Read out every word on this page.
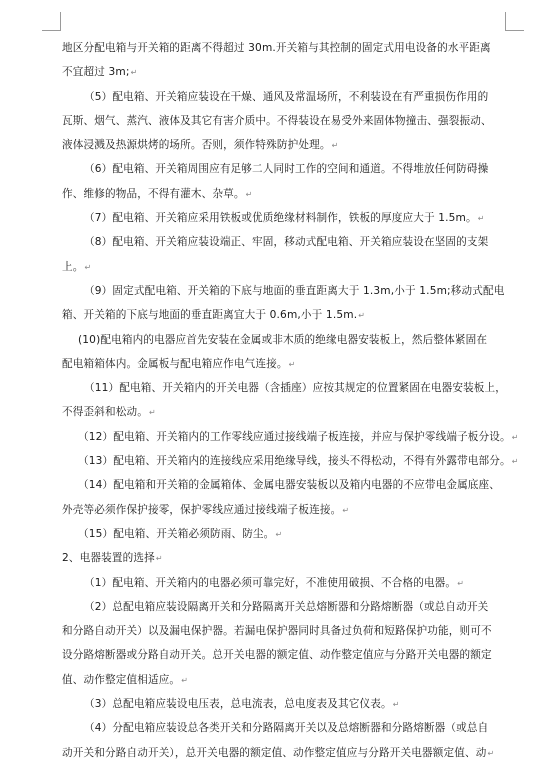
地区分配电箱与开关箱的距离不得超过 30m.开关箱与其控制的固定式用电设备的水平距离
不宜超过 3m;↵

（5）配电箱、开关箱应装设在干燥、通风及常温场所，不利装设在有严重损伤作用的
瓦斯、烟气、蒸汽、液体及其它有害介质中。不得装设在易受外来固体物撞击、强裂振动、
液体浸溅及热源烘烤的场所。否则，须作特殊防护处理。↵

（6）配电箱、开关箱周围应有足够二人同时工作的空间和通道。不得堆放任何防碍操
作、维修的物品，不得有灌木、杂草。↵

（7）配电箱、开关箱应采用铁板或优质绝缘材料制作，铁板的厚度应大于 1.5m。↵

（8）配电箱、开关箱应装设端正、牢固，移动式配电箱、开关箱应装设在坚固的支架
上。↵

（9）固定式配电箱、开关箱的下底与地面的垂直距离大于 1.3m,小于 1.5m;移动式配电
箱、开关箱的下底与地面的垂直距离宜大于 0.6m,小于 1.5m.↵

(10)配电箱内的电器应首先安装在金属或非木质的绝缘电器安装板上，然后整体紧固在
配电箱箱体内。金属板与配电箱应作电气连接。↵

（11）配电箱、开关箱内的开关电器（含插座）应按其规定的位置紧固在电器安装板上，
不得歪斜和松动。↵

（12）配电箱、开关箱内的工作零线应通过接线端子板连接，并应与保护零线端子板分设。↵

（13）配电箱、开关箱内的连接线应采用绝缘导线，接头不得松动，不得有外露带电部分。↵

（14）配电箱和开关箱的金属箱体、金属电器安装板以及箱内电器的不应带电金属底座、
外壳等必须作保护接零，保护零线应通过接线端子板连接。↵

（15）配电箱、开关箱必须防雨、防尘。↵

2、电器装置的选择↵

（1）配电箱、开关箱内的电器必须可靠完好，不准使用破损、不合格的电器。↵

（2）总配电箱应装设隔离开关和分路隔离开关总熔断器和分路熔断器（或总自动开关
和分路自动开关）以及漏电保护器。若漏电保护器同时具备过负荷和短路保护功能，则可不
设分路熔断器或分路自动开关。总开关电器的额定值、动作整定值应与分路开关电器的额定
值、动作整定值相适应。↵

（3）总配电箱应装设电压表，总电流表，总电度表及其它仪表。↵

（4）分配电箱应装设总各类开关和分路隔离开关以及总熔断器和分路熔断器（或总自
动开关和分路自动开关），总开关电器的额定值、动作整定值应与分路开关电器额定值、动↵
